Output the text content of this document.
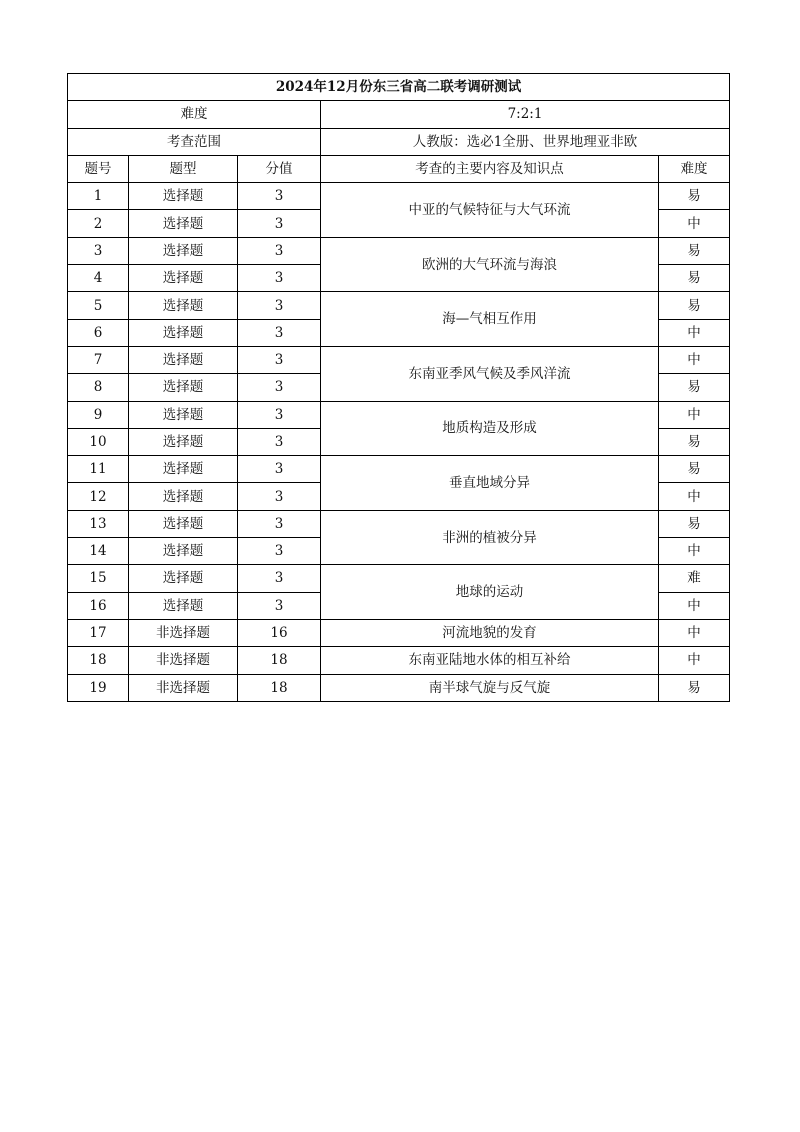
2024年12月份东三省高二联考调研测试				
难度			7:2:1	
考查范围			人教版：选必1全册、世界地理亚非欧	
题号	题型	分值	考查的主要内容及知识点	难度
1	选择题	3	中亚的气候特征与大气环流	易
2	选择题	3		中
3	选择题	3	欧洲的大气环流与海浪	易
4	选择题	3		易
5	选择题	3	海—气相互作用	易
6	选择题	3		中
7	选择题	3	东南亚季风气候及季风洋流	中
8	选择题	3		易
9	选择题	3	地质构造及形成	中
10	选择题	3		易
11	选择题	3	垂直地域分异	易
12	选择题	3		中
13	选择题	3	非洲的植被分异	易
14	选择题	3		中
15	选择题	3	地球的运动	难
16	选择题	3		中
17	非选择题	16	河流地貌的发育	中
18	非选择题	18	东南亚陆地水体的相互补给	中
19	非选择题	18	南半球气旋与反气旋	易
